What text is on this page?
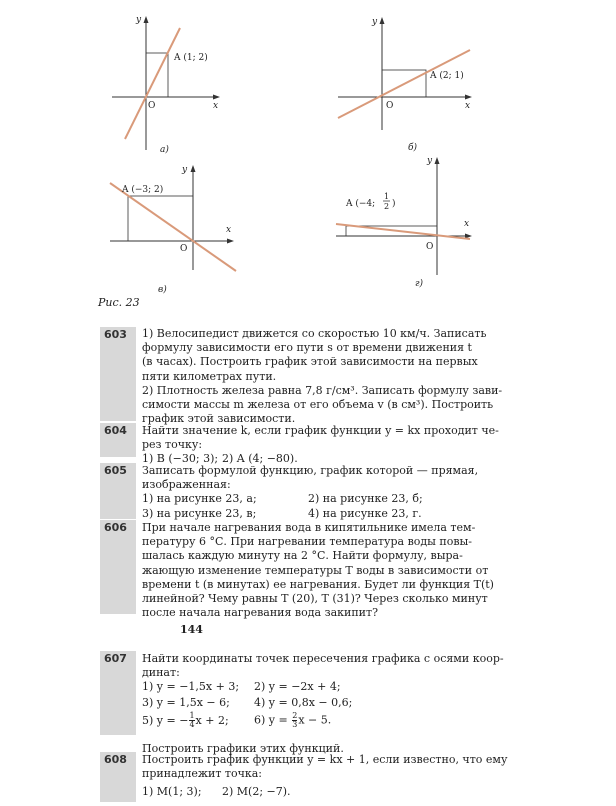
y
x
O
A (1; 2)
а)
y
x
O
A (2; 1)
б)
y
x
O
A (−3; 2)
в)
y
x
O
A (−4;
1
2 )
г)
Рис. 23
603	1) Велосипедист движется со скоростью 10 км/ч. Записать
формулу зависимости его пути s от времени движения t
(в часах). Построить график этой зависимости на первых
пяти километрах пути.
2) Плотность железа равна 7,8 г/см³. Записать формулу зави-
симости массы m железа от его объема v (в см³). Построить
график этой зависимости.
604	Найти значение k, если график функции y = kx проходит че-
рез точку:
1) B (−30; 3); 2) A (4; −80).
605	Записать формулой функцию, график которой — прямая,
изображенная:
1) на рисунке 23, а;	2) на рисунке 23, б;
3) на рисунке 23, в;	4) на рисунке 23, г.
606	При начале нагревания вода в кипятильнике имела тем-
пературу 6 °С. При нагревании температура воды повы-
шалась каждую минуту на 2 °С. Найти формулу, выра-
жающую изменение температуры T воды в зависимости от
времени t (в минутах) ее нагревания. Будет ли функция T(t)
линейной? Чему равны T (20), T (31)? Через сколько минут
после начала нагревания вода закипит?
144
607	Найти координаты точек пересечения графика с осями коор-
динат:
1) y = −1,5x + 3; 2) y = −2x + 4;
3) y = 1,5x − 6; 4) y = 0,8x − 0,6;
5) y = − $\frac{1}{4}$ x + 2; 6) $y = \frac{2}{3}$ x − 5.
Построить графики этих функций.
608	Построить график функции y = kx + 1, если известно, что ему
принадлежит точка:
1) M(1; 3); 2) M(2; −7).
